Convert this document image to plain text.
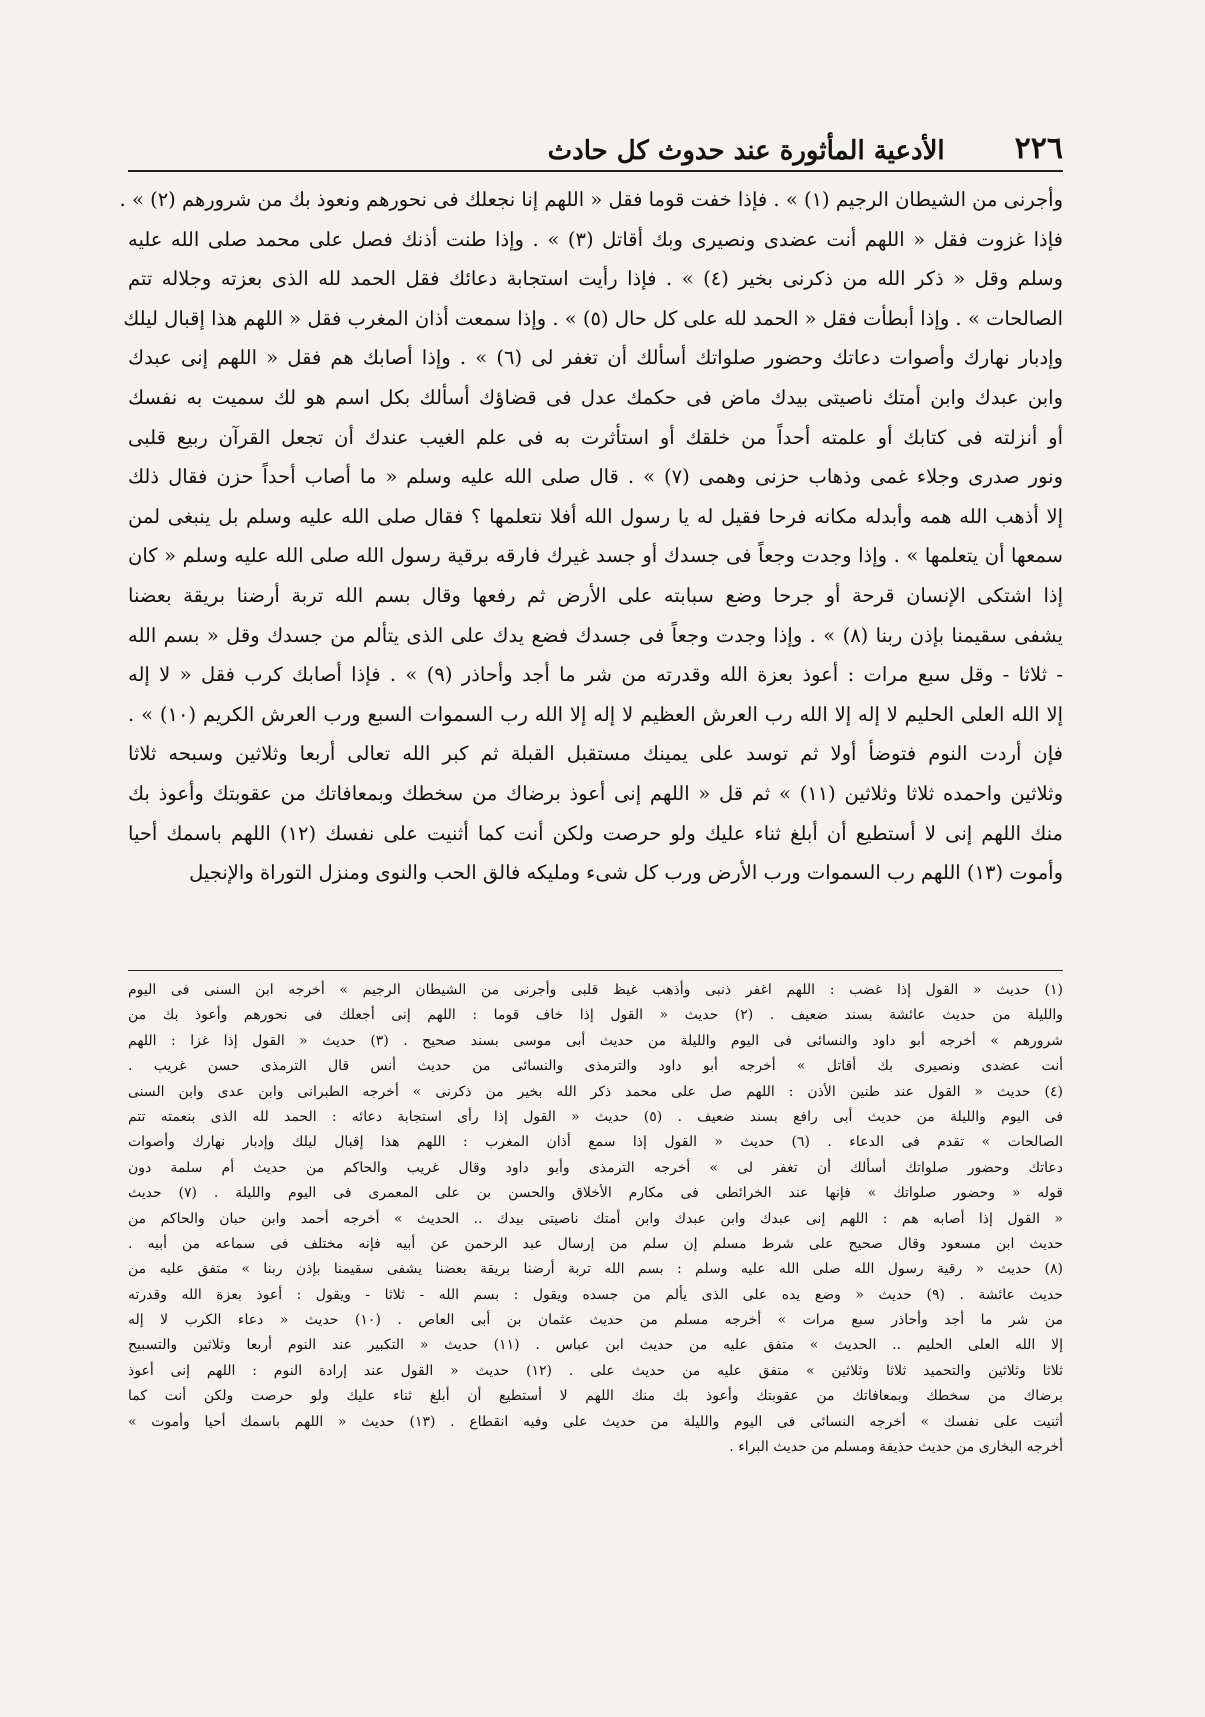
٢٢٦
الأدعية المأثورة عند حدوث كل حادث
وأجرنى من الشيطان الرجيم (١) » . فإذا خفت قوما فقل « اللهم إنا نجعلك فى نحورهم ونعوذ بك من شرورهم (٢) » .
فإذا غزوت فقل « اللهم أنت عضدى ونصيرى وبك أقاتل (٣) » . وإذا طنت أذنك فصل على محمد صلى الله عليه
وسلم وقل « ذكر الله من ذكرنى بخير (٤) » . فإذا رأيت استجابة دعائك فقل الحمد لله الذى بعزته وجلاله تتم
الصالحات » . وإذا أبطأت فقل « الحمد لله على كل حال (٥) » . وإذا سمعت أذان المغرب فقل « اللهم هذا إقبال ليلك
وإدبار نهارك وأصوات دعاتك وحضور صلواتك أسألك أن تغفر لى (٦) » . وإذا أصابك هم فقل « اللهم إنى عبدك
وابن عبدك وابن أمتك ناصيتى بيدك ماض فى حكمك عدل فى قضاؤك أسألك بكل اسم هو لك سميت به نفسك
أو أنزلته فى كتابك أو علمته أحداً من خلقك أو استأثرت به فى علم الغيب عندك أن تجعل القرآن ربيع قلبى
ونور صدرى وجلاء غمى وذهاب حزنى وهمى (٧) » . قال صلى الله عليه وسلم « ما أصاب أحداً حزن فقال ذلك
إلا أذهب الله همه وأبدله مكانه فرحا فقيل له يا رسول الله أفلا نتعلمها ؟ فقال صلى الله عليه وسلم بل ينبغى لمن
سمعها أن يتعلمها » . وإذا وجدت وجعاً فى جسدك أو جسد غيرك فارقه برقية رسول الله صلى الله عليه وسلم « كان
إذا اشتكى الإنسان قرحة أو جرحا وضع سبابته على الأرض ثم رفعها وقال بسم الله تربة أرضنا بريقة بعضنا
يشفى سقيمنا بإذن ربنا (٨) » . وإذا وجدت وجعاً فى جسدك فضع يدك على الذى يتألم من جسدك وقل « بسم الله
- ثلاثا - وقل سبع مرات : أعوذ بعزة الله وقدرته من شر ما أجد وأحاذر (٩) » . فإذا أصابك كرب فقل « لا إله
إلا الله العلى الحليم لا إله إلا الله رب العرش العظيم لا إله إلا الله رب السموات السبع ورب العرش الكريم (١٠) » .
فإن أردت النوم فتوضأ أولا ثم توسد على يمينك مستقبل القبلة ثم كبر الله تعالى أربعا وثلاثين وسبحه ثلاثا
وثلاثين واحمده ثلاثا وثلاثين (١١) » ثم قل « اللهم إنى أعوذ برضاك من سخطك وبمعافاتك من عقوبتك وأعوذ بك
منك اللهم إنى لا أستطيع أن أبلغ ثناء عليك ولو حرصت ولكن أنت كما أثنيت على نفسك (١٢) اللهم باسمك أحيا
وأموت (١٣) اللهم رب السموات ورب الأرض ورب كل شىء ومليكه فالق الحب والنوى ومنزل التوراة والإنجيل
(١) حديث « القول إذا غضب : اللهم اغفر ذنبى وأذهب غيظ قلبى وأجرنى من الشيطان الرجيم » أخرجه ابن السنى فى اليوم
والليلة من حديث عائشة بسند ضعيف . (٢) حديث « القول إذا خاف قوما : اللهم إنى أجعلك فى نحورهم وأعوذ بك من
شرورهم » أخرجه أبو داود والنسائى فى اليوم والليلة من حديث أبى موسى بسند صحيح . (٣) حديث « القول إذا غزا : اللهم
أنت عضدى ونصيرى بك أقاتل » أخرجه أبو داود والترمذى والنسائى من حديث أنس قال الترمذى حسن غريب .
(٤) حديث « القول عند طنين الأذن : اللهم صل على محمد ذكر الله بخير من ذكرنى » أخرجه الطبرانى وابن عدى وابن السنى
فى اليوم والليلة من حديث أبى رافع بسند ضعيف . (٥) حديث « القول إذا رأى استجابة دعائه : الحمد لله الذى بنعمته تتم
الصالحات » تقدم فى الدعاء . (٦) حديث « القول إذا سمع أذان المغرب : اللهم هذا إقبال ليلك وإدبار نهارك وأصوات
دعاتك وحضور صلواتك أسألك أن تغفر لى » أخرجه الترمذى وأبو داود وقال غريب والحاكم من حديث أم سلمة دون
قوله « وحضور صلواتك » فإنها عند الخرائطى فى مكارم الأخلاق والحسن بن على المعمرى فى اليوم والليلة . (٧) حديث
« القول إذا أصابه هم : اللهم إنى عبدك وابن عبدك وابن أمتك ناصيتى بيدك .. الحديث » أخرجه أحمد وابن حبان والحاكم من
حديث ابن مسعود وقال صحيح على شرط مسلم إن سلم من إرسال عبد الرحمن عن أبيه فإنه مختلف فى سماعه من أبيه .
(٨) حديث « رقية رسول الله صلى الله عليه وسلم : بسم الله تربة أرضنا بريقة بعضنا يشفى سقيمنا بإذن ربنا » متفق عليه من
حديث عائشة . (٩) حديث « وضع يده على الذى يألم من جسده ويقول : بسم الله - ثلاثا - ويقول : أعوذ بعزة الله وقدرته
من شر ما أجد وأحاذر سبع مرات » أخرجه مسلم من حديث عثمان بن أبى العاص . (١٠) حديث « دعاء الكرب لا إله
إلا الله العلى الحليم .. الحديث » متفق عليه من حديث ابن عباس . (١١) حديث « التكبير عند النوم أربعا وثلاثين والتسبيح
ثلاثا وثلاثين والتحميد ثلاثا وثلاثين » متفق عليه من حديث على . (١٢) حديث « القول عند إرادة النوم : اللهم إنى أعوذ
برضاك من سخطك وبمعافاتك من عقوبتك وأعوذ بك منك اللهم لا أستطيع أن أبلغ ثناء عليك ولو حرصت ولكن أنت كما
أثنيت على نفسك » أخرجه النسائى فى اليوم والليلة من حديث على وفيه انقطاع . (١٣) حديث « اللهم باسمك أحيا وأموت »
أخرجه البخارى من حديث حذيفة ومسلم من حديث البراء .
